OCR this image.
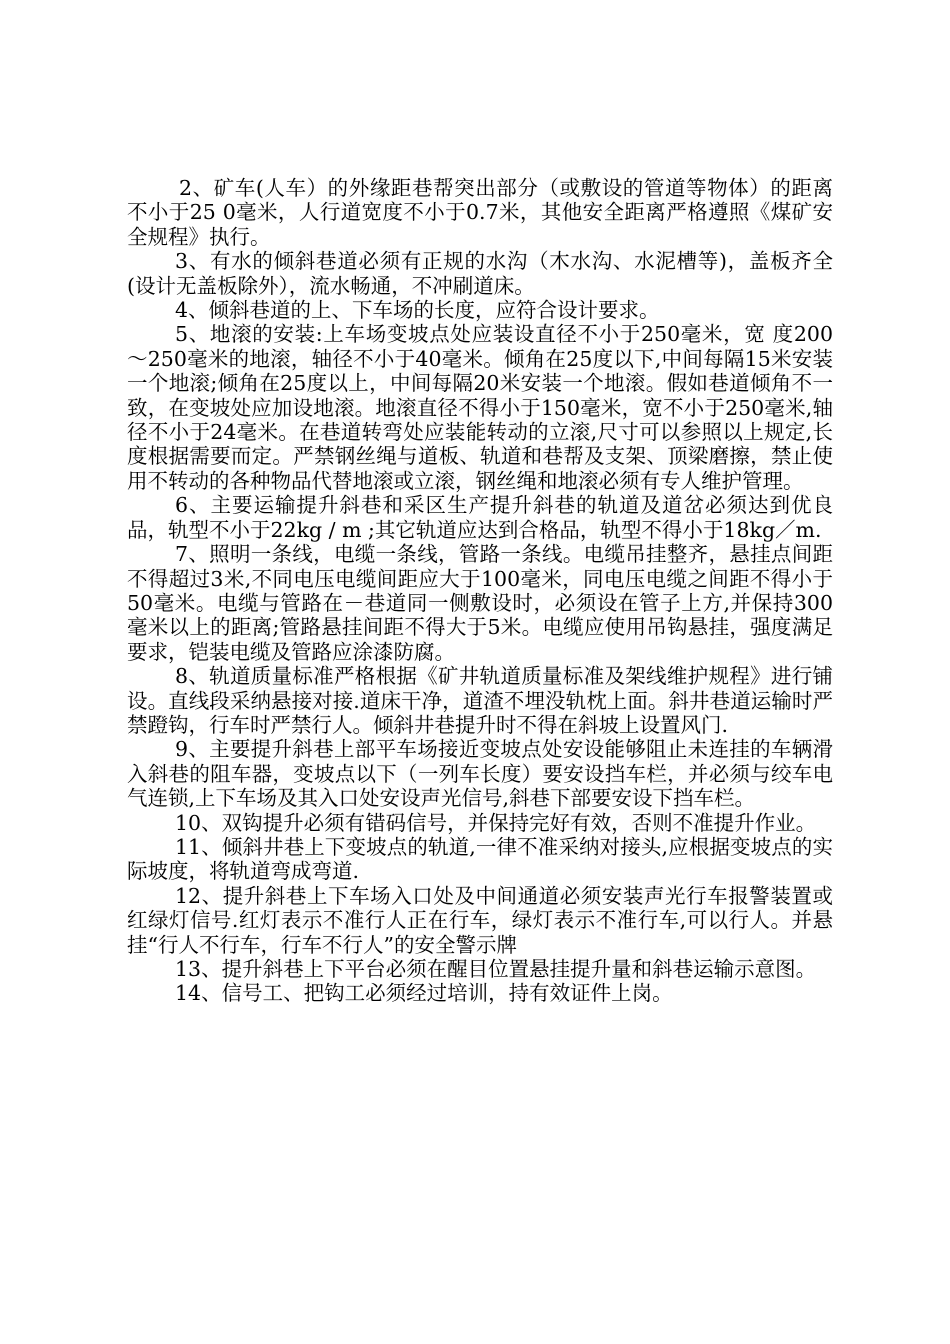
2、矿车(人车）的外缘距巷帮突出部分（或敷设的管道等物体）的距离不小于25 0毫米，人行道宽度不小于0.7米，其他安全距离严格遵照《煤矿安全规程》执行。

3、有水的倾斜巷道必须有正规的水沟（木水沟、水泥槽等)，盖板齐全(设计无盖板除外），流水畅通，不冲刷道床。

4、倾斜巷道的上、下车场的长度，应符合设计要求。

5、地滚的安装:上车场变坡点处应装设直径不小于250毫米，宽 度200～250毫米的地滚，轴径不小于40毫米。倾角在25度以下,中间每隔15米安装一个地滚;倾角在25度以上，中间每隔20米安装一个地滚。假如巷道倾角不一致，在变坡处应加设地滚。地滚直径不得小于150毫米，宽不小于250毫米,轴径不小于24毫米。在巷道转弯处应装能转动的立滚,尺寸可以参照以上规定,长度根据需要而定。严禁钢丝绳与道板、轨道和巷帮及支架、顶梁磨擦，禁止使用不转动的各种物品代替地滚或立滚，钢丝绳和地滚必须有专人维护管理。

6、主要运输提升斜巷和采区生产提升斜巷的轨道及道岔必须达到优良品，轨型不小于22kg / m ;其它轨道应达到合格品，轨型不得小于18kg／m.

7、照明一条线，电缆一条线，管路一条线。电缆吊挂整齐，悬挂点间距不得超过3米,不同电压电缆间距应大于100毫米，同电压电缆之间距不得小于50毫米。电缆与管路在－巷道同一侧敷设时，必须设在管子上方,并保持300毫米以上的距离;管路悬挂间距不得大于5米。电缆应使用吊钩悬挂，强度满足要求，铠装电缆及管路应涂漆防腐。

8、轨道质量标准严格根据《矿井轨道质量标准及架线维护规程》进行铺设。直线段采纳悬接对接.道床干净，道渣不埋没轨枕上面。斜井巷道运输时严禁蹬钩，行车时严禁行人。倾斜井巷提升时不得在斜坡上设置风门.

9、主要提升斜巷上部平车场接近变坡点处安设能够阻止未连挂的车辆滑入斜巷的阻车器，变坡点以下（一列车长度）要安设挡车栏，并必须与绞车电气连锁,上下车场及其入口处安设声光信号,斜巷下部要安设下挡车栏。

10、双钩提升必须有错码信号，并保持完好有效，否则不准提升作业。

11、倾斜井巷上下变坡点的轨道,一律不准采纳对接头,应根据变坡点的实际坡度，将轨道弯成弯道.

12、提升斜巷上下车场入口处及中间通道必须安装声光行车报警装置或红绿灯信号.红灯表示不准行人正在行车，绿灯表示不准行车,可以行人。并悬挂“行人不行车，行车不行人”的安全警示牌

13、提升斜巷上下平台必须在醒目位置悬挂提升量和斜巷运输示意图。

14、信号工、把钩工必须经过培训，持有效证件上岗。
